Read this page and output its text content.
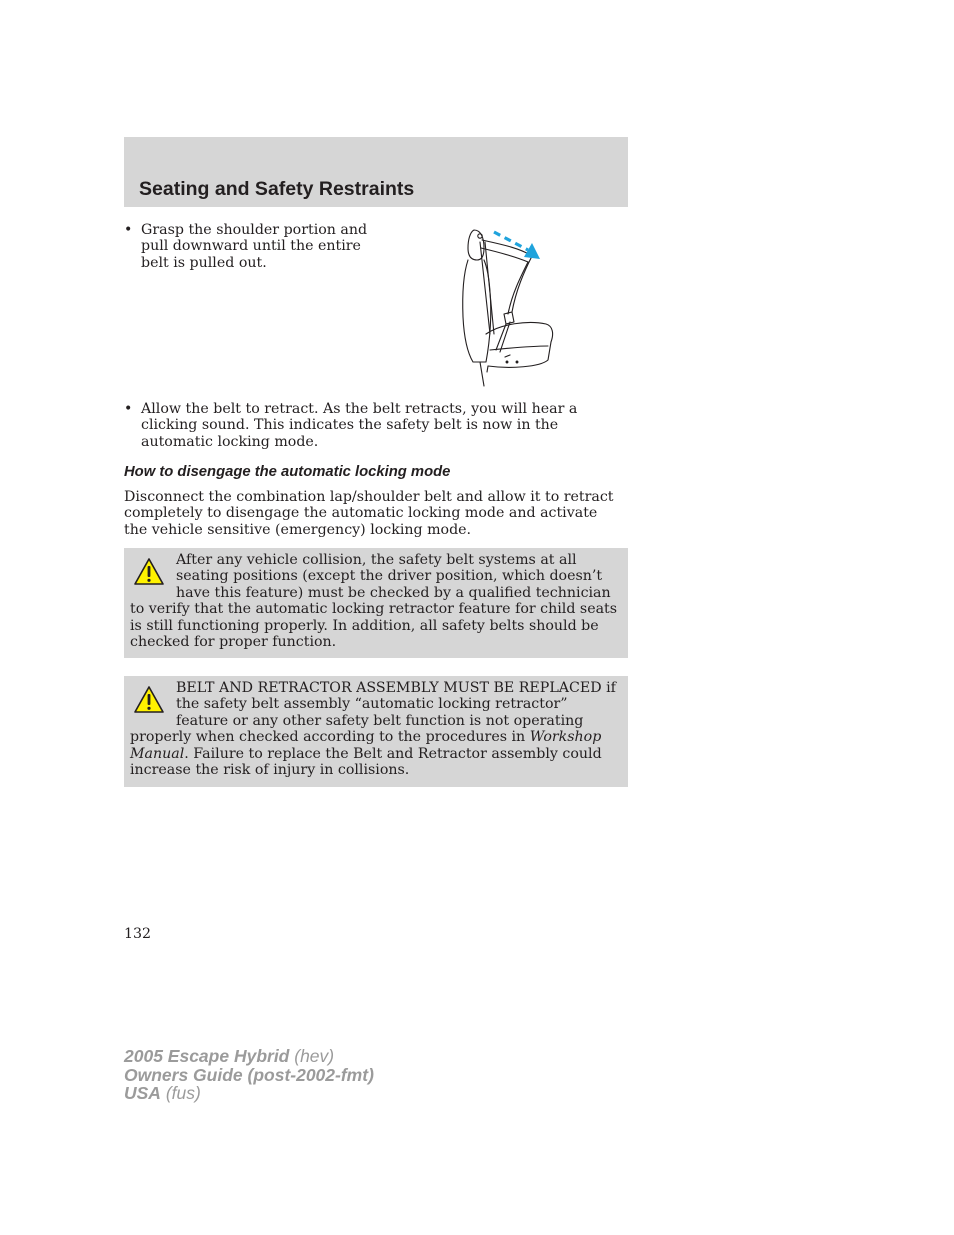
Seating and Safety Restraints
• Grasp the shoulder portion and pull downward until the entire belt is pulled out.
• Allow the belt to retract. As the belt retracts, you will hear a clicking sound. This indicates the safety belt is now in the automatic locking mode.
How to disengage the automatic locking mode

Disconnect the combination lap/shoulder belt and allow it to retract completely to disengage the automatic locking mode and activate the vehicle sensitive (emergency) locking mode.

After any vehicle collision, the safety belt systems at all seating positions (except the driver position, which doesn’t have this feature) must be checked by a qualified technician to verify that the automatic locking retractor feature for child seats is still functioning properly. In addition, all safety belts should be checked for proper function.

BELT AND RETRACTOR ASSEMBLY MUST BE REPLACED if the safety belt assembly “automatic locking retractor” feature or any other safety belt function is not operating properly when checked according to the procedures in Workshop Manual. Failure to replace the Belt and Retractor assembly could increase the risk of injury in collisions.

132
2005 Escape Hybrid (hev)
Owners Guide (post-2002-fmt)
USA (fus)
